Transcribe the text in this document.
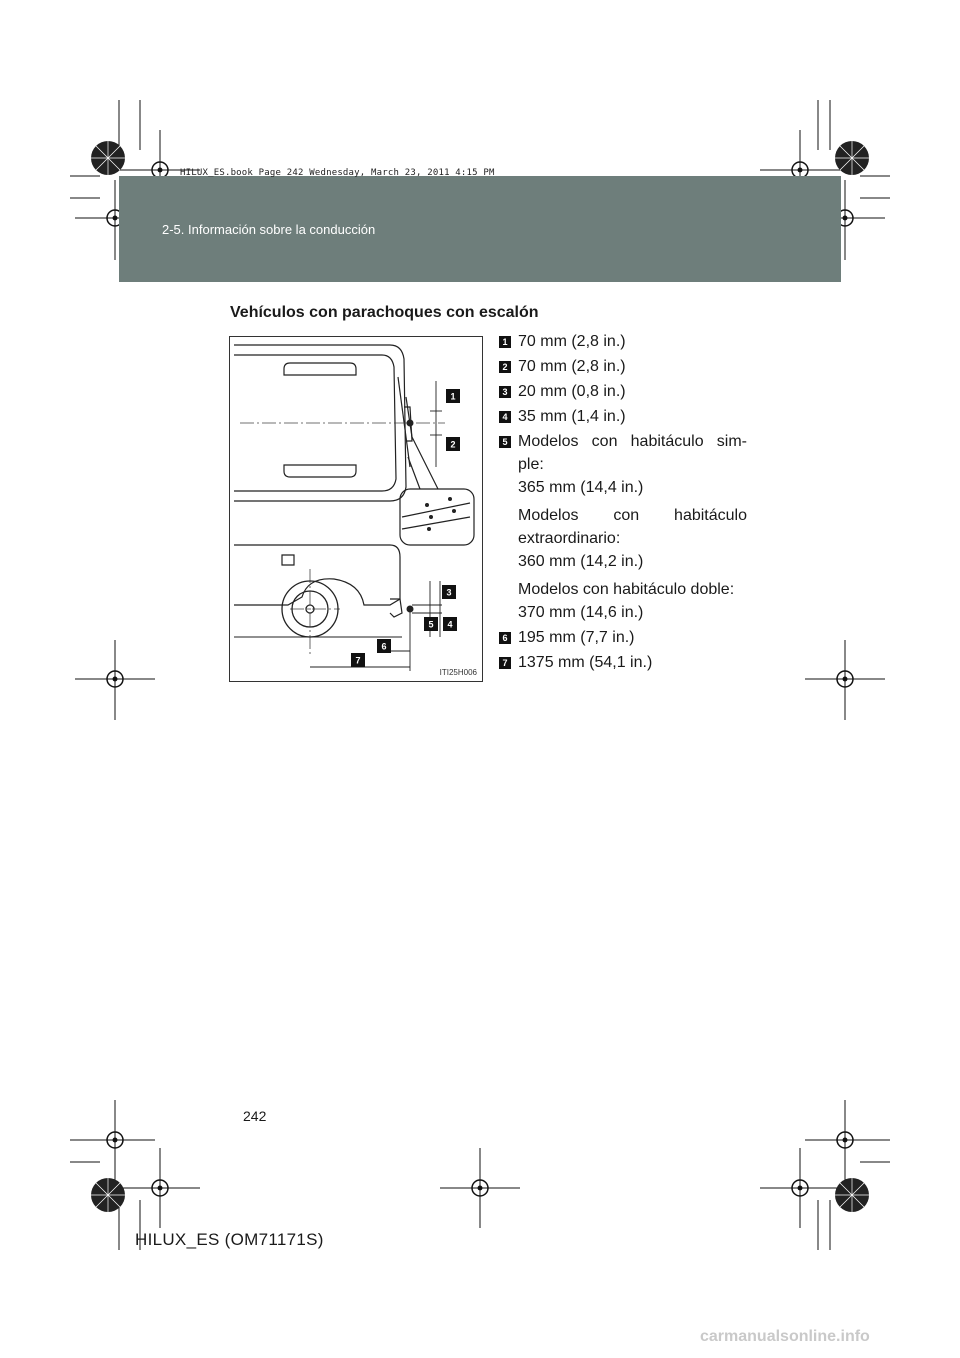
HILUX_ES.book Page 242 Wednesday, March 23, 2011 4:15 PM
2-5. Información sobre la conducción
Vehículos con parachoques con escalón
1
2
3
4
5
6
7
ITI25H006
1 70 mm (2,8 in.)
2 70 mm (2,8 in.)
3 20 mm (0,8 in.)
4 35 mm (1,4 in.)
5 Modelos con habitáculo sim-
ple:
365 mm (14,4 in.)
Modelos con habitáculo
extraordinario:
360 mm (14,2 in.)
Modelos con habitáculo doble:
370 mm (14,6 in.)
6 195 mm (7,7 in.)
7 1375 mm (54,1 in.)
242
HILUX_ES (OM71171S)
carmanualsonline.info
